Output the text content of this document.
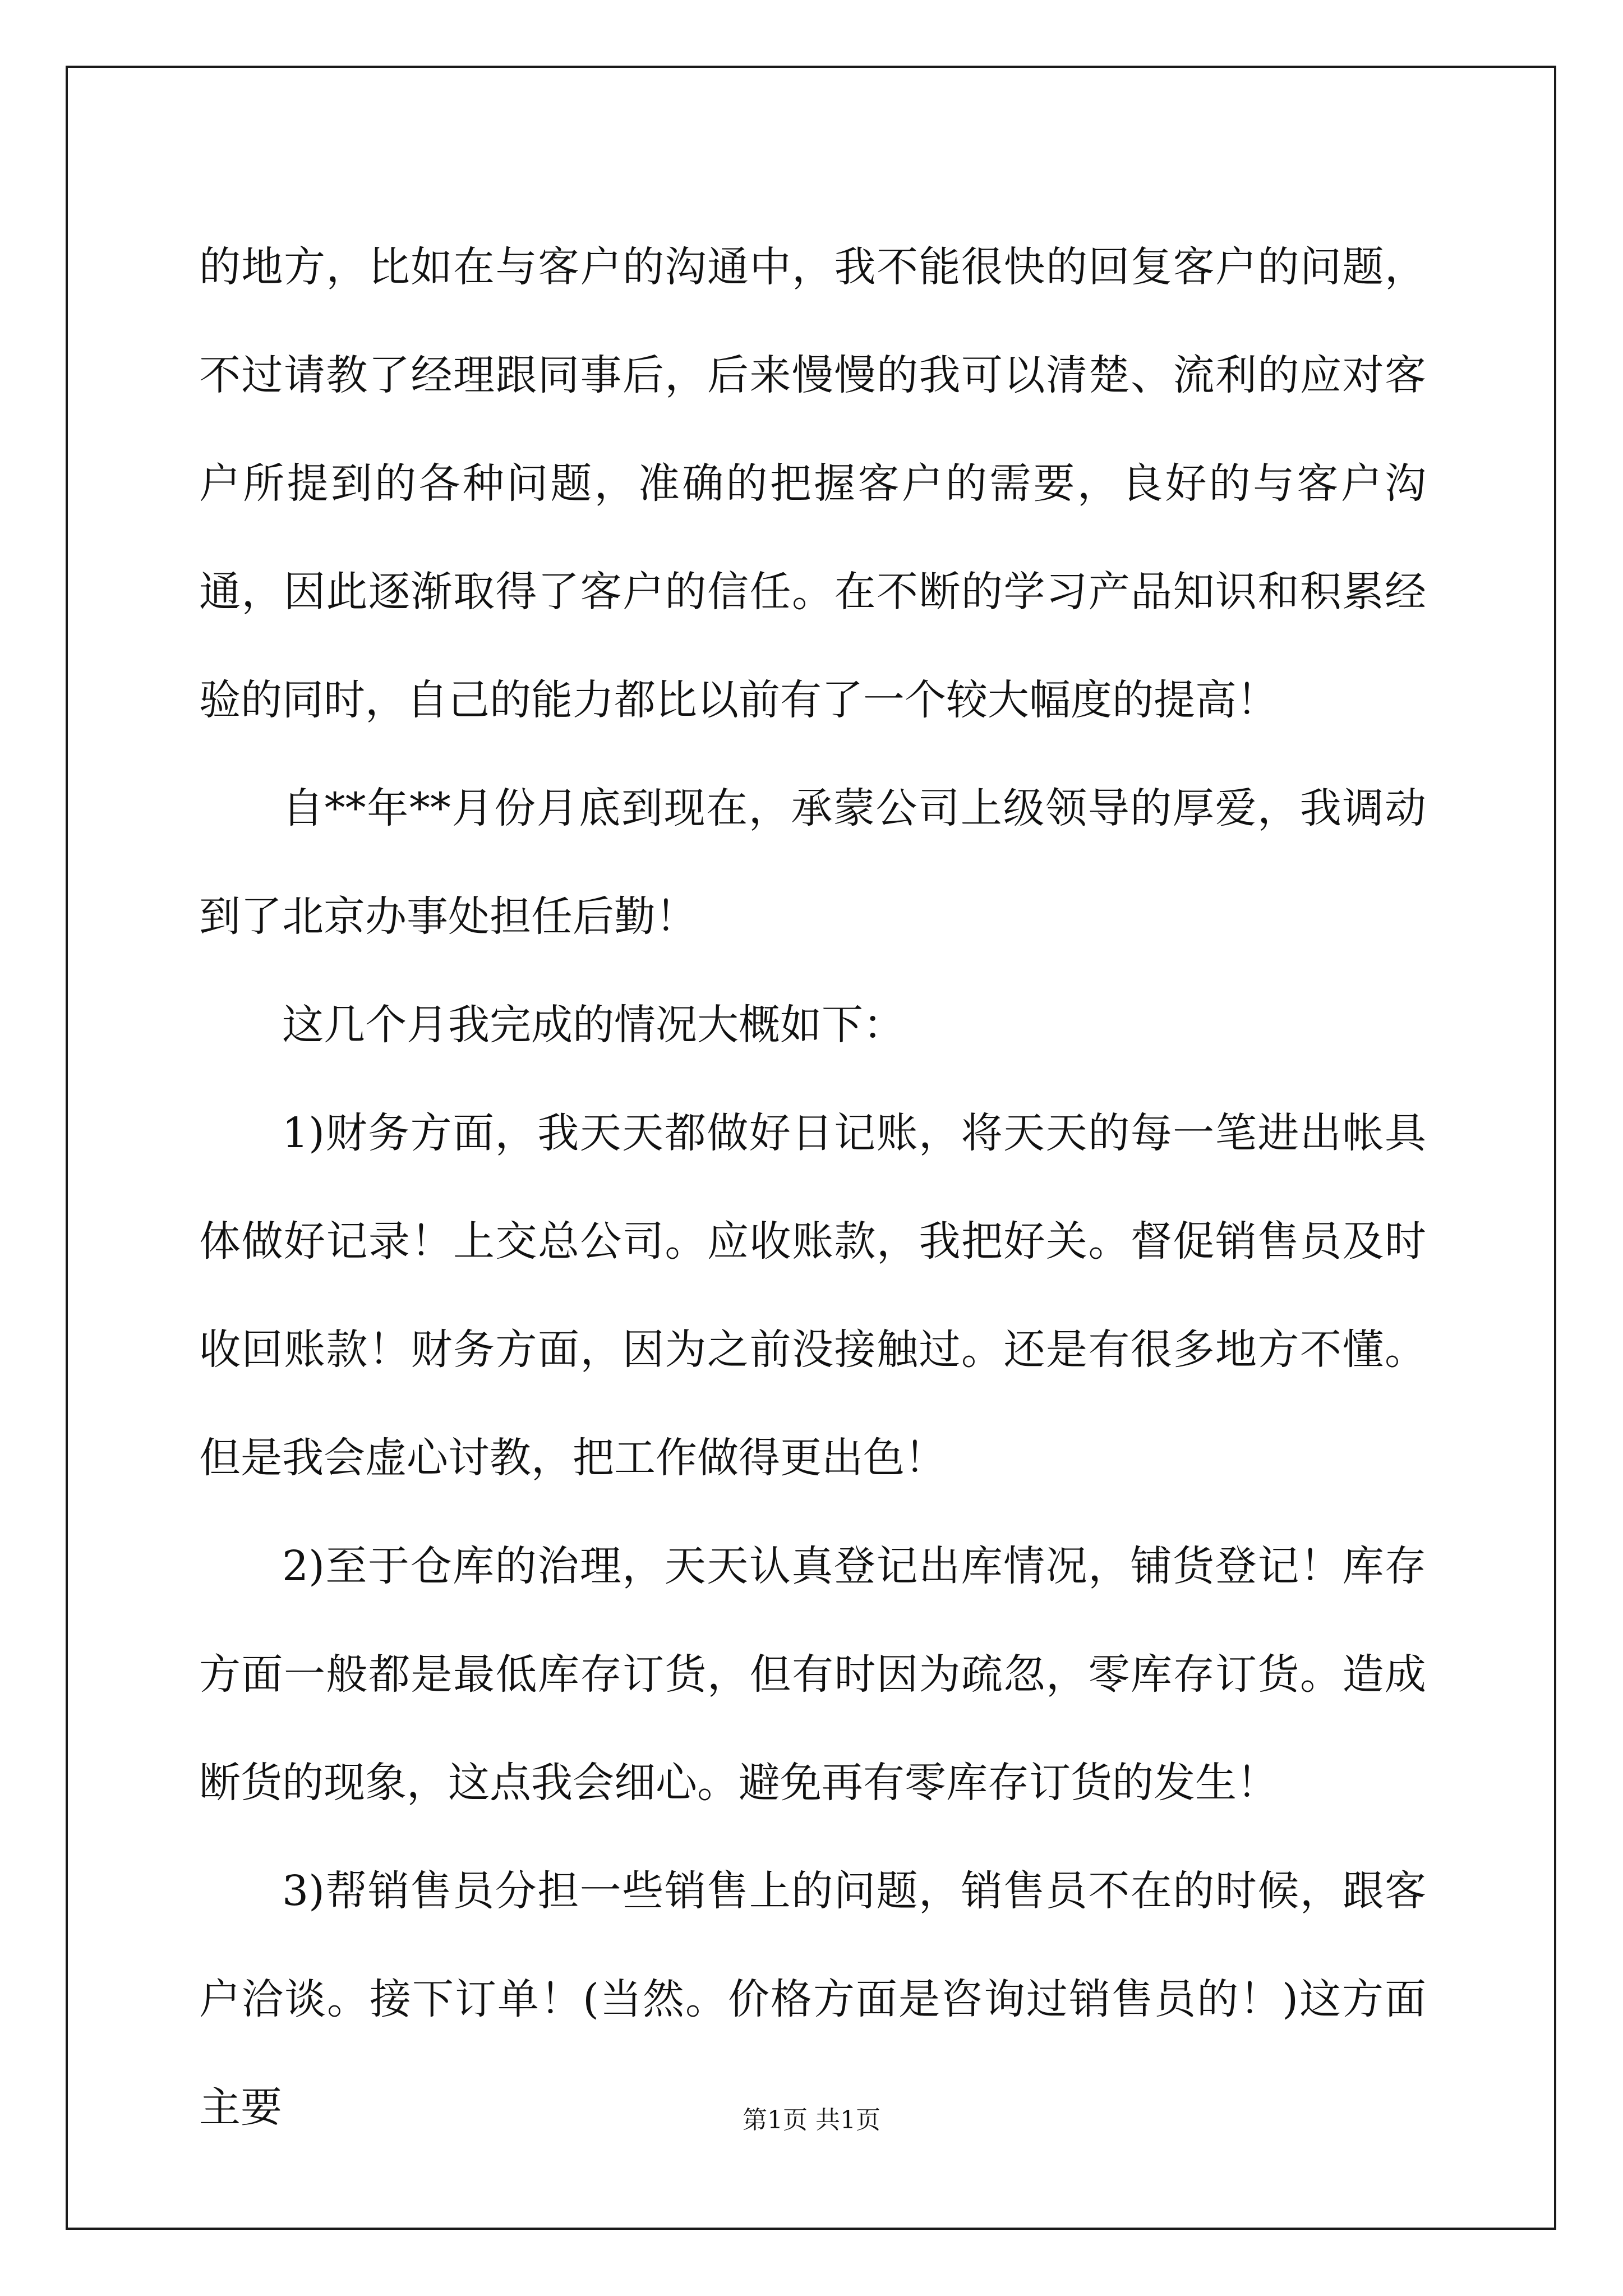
的地方，比如在与客户的沟通中，我不能很快的回复客户的问题，不过请教了经理跟同事后，后来慢慢的我可以清楚、流利的应对客户所提到的各种问题，准确的把握客户的需要，良好的与客户沟通，因此逐渐取得了客户的信任。在不断的学习产品知识和积累经验的同时，自己的能力都比以前有了一个较大幅度的提高！

自**年**月份月底到现在，承蒙公司上级领导的厚爱，我调动到了北京办事处担任后勤！

这几个月我完成的情况大概如下：

1)财务方面，我天天都做好日记账，将天天的每一笔进出帐具体做好记录！上交总公司。应收账款，我把好关。督促销售员及时收回账款！财务方面，因为之前没接触过。还是有很多地方不懂。但是我会虚心讨教，把工作做得更出色！

2)至于仓库的治理，天天认真登记出库情况，铺货登记！库存方面一般都是最低库存订货，但有时因为疏忽，零库存订货。造成断货的现象，这点我会细心。避免再有零库存订货的发生！

3)帮销售员分担一些销售上的问题，销售员不在的时候，跟客户洽谈。接下订单！(当然。价格方面是咨询过销售员的！)这方面主要	第1页 共1页
